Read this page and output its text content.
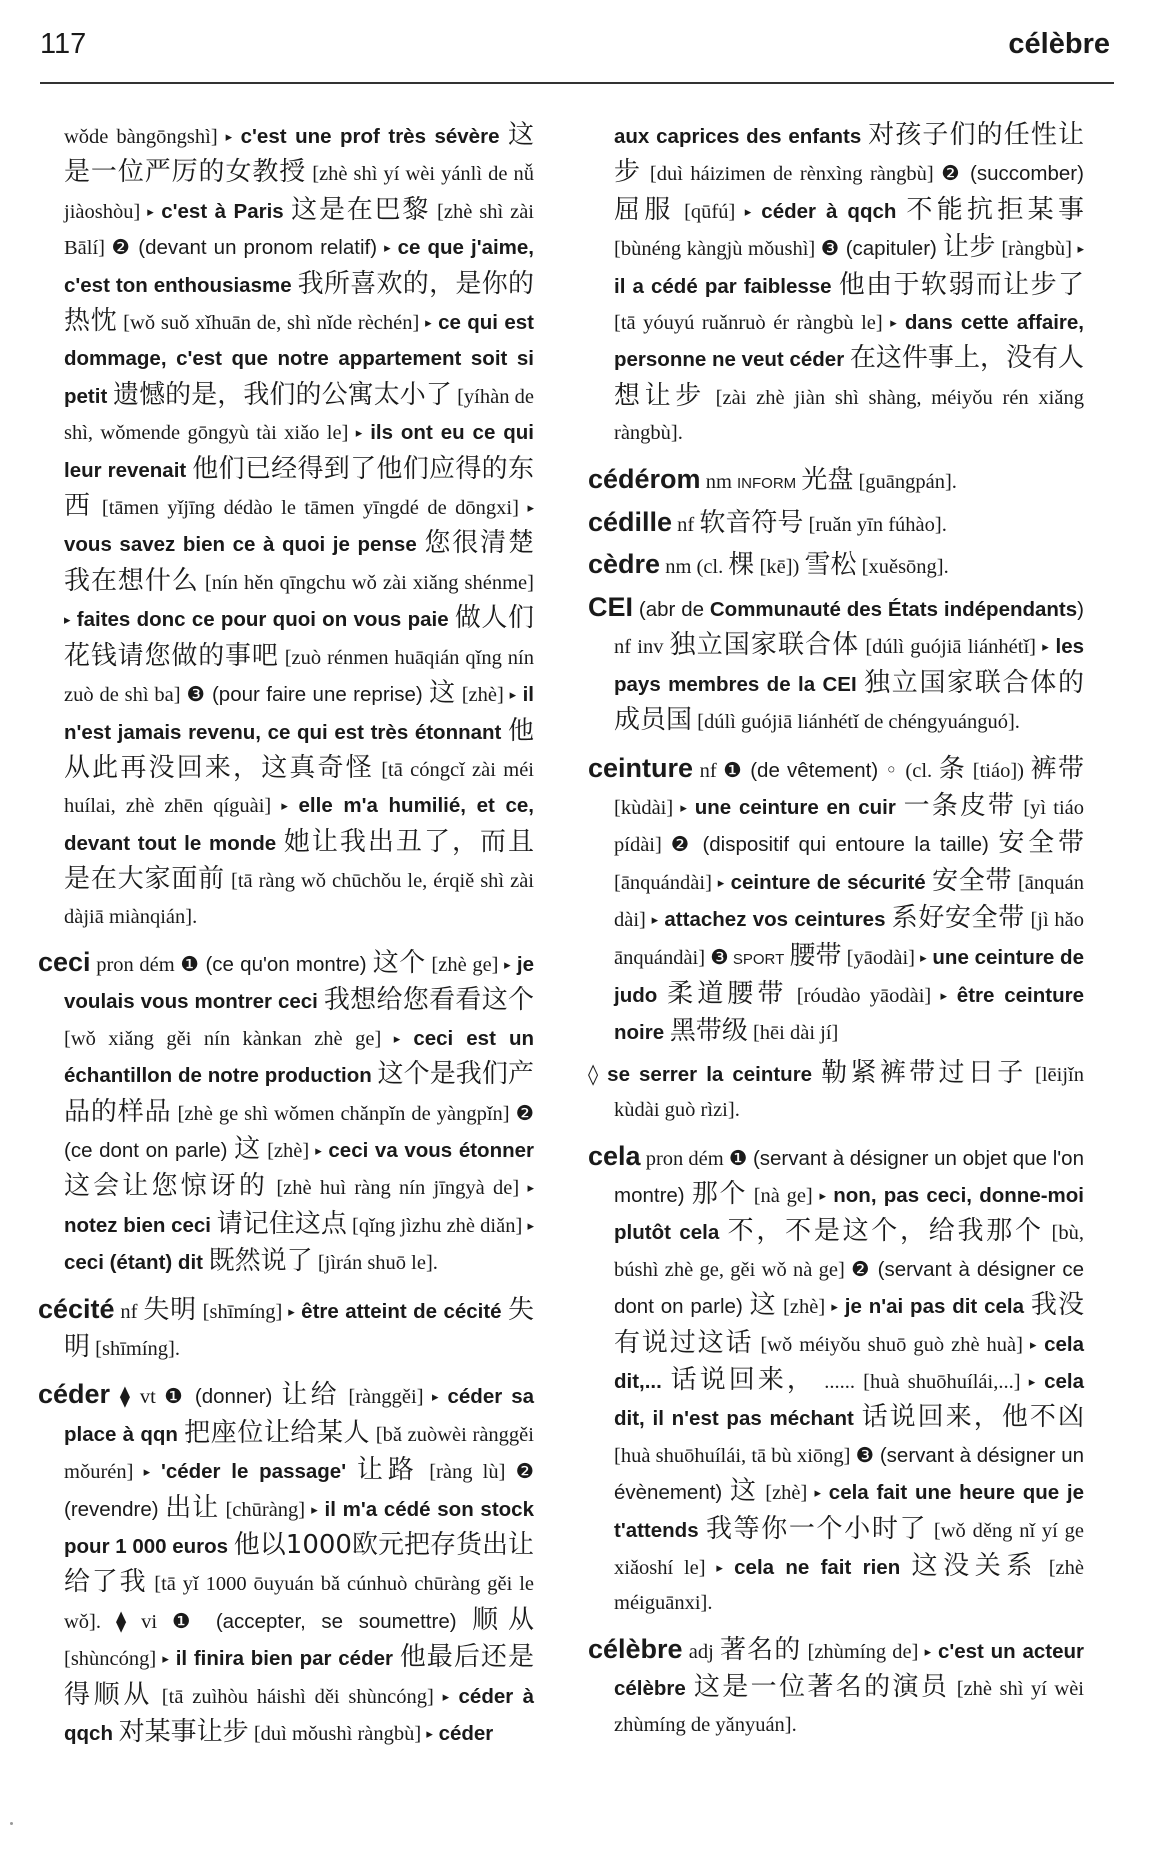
117	célèbre

wǒde bàngōngshì] ▸ c'est une prof très sévère 这是一位严厉的女教授 [zhè shì yí wèi yánlì de nǚ jiàoshòu] ▸ c'est à Paris 这是在巴黎 [zhè shì zài Bālí] ❷ (devant un pronom relatif) ▸ ce que j'aime, c'est ton enthousiasme 我所喜欢的，是你的热忱 [wǒ suǒ xǐhuān de, shì nǐde rèchén] ▸ ce qui est dommage, c'est que notre appartement soit si petit 遗憾的是，我们的公寓太小了 [yíhàn de shì, wǒmende gōngyù tài xiǎo le] ▸ ils ont eu ce qui leur revenait 他们已经得到了他们应得的东西 [tāmen yǐjīng dédào le tāmen yīngdé de dōngxi] ▸ vous savez bien ce à quoi je pense 您很清楚我在想什么 [nín hěn qīngchu wǒ zài xiǎng shénme] ▸ faites donc ce pour quoi on vous paie 做人们花钱请您做的事吧 [zuò rénmen huāqián qǐng nín zuò de shì ba] ❸ (pour faire une reprise) 这 [zhè] ▸ il n'est jamais revenu, ce qui est très étonnant 他从此再没回来，这真奇怪 [tā cóngcǐ zài méi huílai, zhè zhēn qíguài] ▸ elle m'a humilié, et ce, devant tout le monde 她让我出丑了，而且是在大家面前 [tā ràng wǒ chūchǒu le, érqiě shì zài dàjiā miànqián].

ceci pron dém ❶ (ce qu'on montre) 这个 [zhè ge] ▸ je voulais vous montrer ceci 我想给您看看这个 [wǒ xiǎng gěi nín kànkan zhè ge] ▸ ceci est un échantillon de notre production 这个是我们产品的样品 [zhè ge shì wǒmen chǎnpǐn de yàngpǐn] ❷ (ce dont on parle) 这 [zhè] ▸ ceci va vous étonner 这会让您惊讶的 [zhè huì ràng nín jīngyà de] ▸ notez bien ceci 请记住这点 [qǐng jìzhu zhè diǎn] ▸ ceci (étant) dit 既然说了 [jìrán shuō le].

cécité nf 失明 [shīmíng] ▸ être atteint de cécité 失明 [shīmíng].

céder ⧫ vt ❶ (donner) 让给 [rànggěi] ▸ céder sa place à qqn 把座位让给某人 [bǎ zuòwèi rànggěi mǒurén] ▸ 'céder le passage' 让路 [ràng lù] ❷ (revendre) 出让 [chūràng] ▸ il m'a cédé son stock pour 1 000 euros 他以1000欧元把存货出让给了我 [tā yǐ 1000 ōuyuán bǎ cúnhuò chūràng gěi le wǒ]. ⧫ vi ❶ (accepter, se soumettre) 顺从 [shùncóng] ▸ il finira bien par céder 他最后还是得顺从 [tā zuìhòu háishì děi shùncóng] ▸ céder à qqch 对某事让步 [duì mǒushì ràngbù] ▸ céder

aux caprices des enfants 对孩子们的任性让步 [duì háizimen de rènxìng ràngbù] ❷ (succomber) 屈服 [qūfú] ▸ céder à qqch 不能抗拒某事 [bùnéng kàngjù mǒushì] ❸ (capituler) 让步 [ràngbù] ▸ il a cédé par faiblesse 他由于软弱而让步了 [tā yóuyú ruǎnruò ér ràngbù le] ▸ dans cette affaire, personne ne veut céder 在这件事上，没有人想让步 [zài zhè jiàn shì shàng, méiyǒu rén xiǎng ràngbù].

cédérom nm INFORM 光盘 [guāngpán].

cédille nf 软音符号 [ruǎn yīn fúhào].

cèdre nm (cl. 棵 [kē]) 雪松 [xuěsōng].

CEI (abr de Communauté des États indépendants) nf inv 独立国家联合体 [dúlì guójiā liánhétǐ] ▸ les pays membres de la CEI 独立国家联合体的成员国 [dúlì guójiā liánhétǐ de chéngyuánguó].

ceinture nf ❶ (de vêtement) ◦ (cl. 条 [tiáo]) 裤带 [kùdài] ▸ une ceinture en cuir 一条皮带 [yì tiáo pídài] ❷ (dispositif qui entoure la taille) 安全带 [ānquándài] ▸ ceinture de sécurité 安全带 [ānquán dài] ▸ attachez vos ceintures 系好安全带 [jì hǎo ānquándài] ❸ SPORT 腰带 [yāodài] ▸ une ceinture de judo 柔道腰带 [róudào yāodài] ▸ être ceinture noire 黑带级 [hēi dài jí]

◊ se serrer la ceinture 勒紧裤带过日子 [lēijǐn kùdài guò rìzi].

cela pron dém ❶ (servant à désigner un objet que l'on montre) 那个 [nà ge] ▸ non, pas ceci, donne-moi plutôt cela 不，不是这个，给我那个 [bù, búshì zhè ge, gěi wǒ nà ge] ❷ (servant à désigner ce dont on parle) 这 [zhè] ▸ je n'ai pas dit cela 我没有说过这话 [wǒ méiyǒu shuō guò zhè huà] ▸ cela dit,... 话说回来， ...... [huà shuōhuílái,...] ▸ cela dit, il n'est pas méchant 话说回来，他不凶 [huà shuōhuílái, tā bù xiōng] ❸ (servant à désigner un évènement) 这 [zhè] ▸ cela fait une heure que je t'attends 我等你一个小时了 [wǒ děng nǐ yí ge xiǎoshí le] ▸ cela ne fait rien 这没关系 [zhè méiguānxi].

célèbre adj 著名的 [zhùmíng de] ▸ c'est un acteur célèbre 这是一位著名的演员 [zhè shì yí wèi zhùmíng de yǎnyuán].
